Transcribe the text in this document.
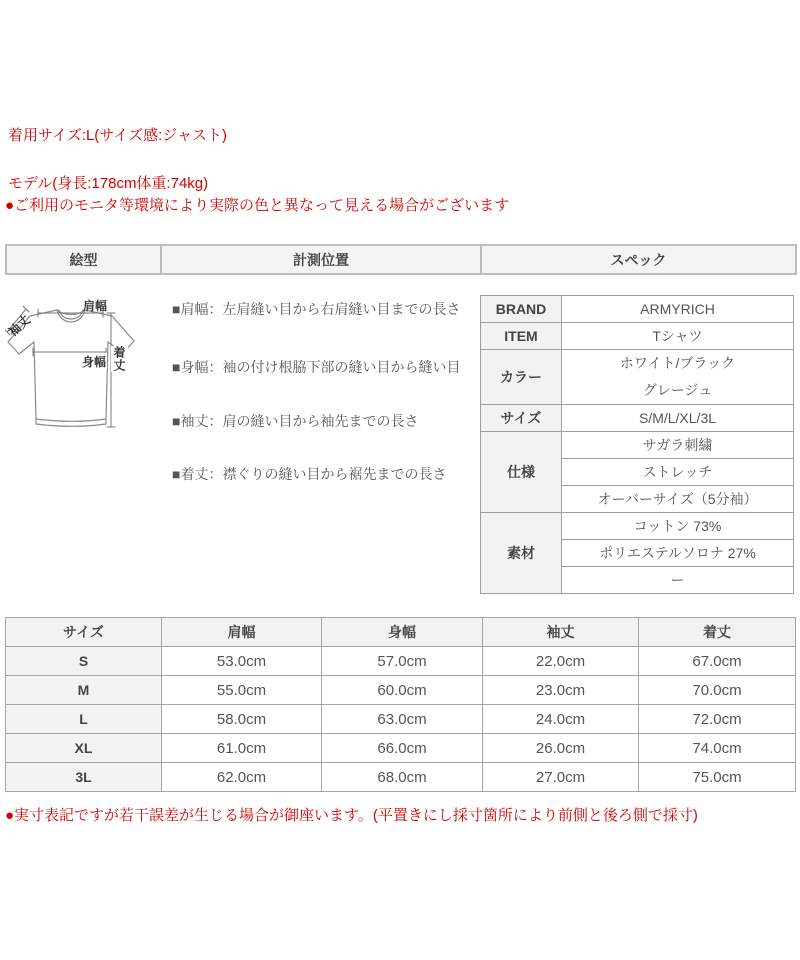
着用サイズ:L(サイズ感:ジャスト)

モデル(身長:178cm体重:74kg)
●ご利用のモニタ等環境により実際の色と異なって見える場合がございます
絵型	計測位置	スペック
肩幅
袖丈
身幅 着丈
■肩幅：左肩縫い目から右肩縫い目までの長さ
■身幅：袖の付け根脇下部の縫い目から縫い目
■袖丈：肩の縫い目から袖先までの長さ
■着丈：襟ぐりの縫い目から裾先までの長さ
BRAND	ARMYRICH
ITEM	Tシャツ
カラー	ホワイト/ブラック
グレージュ

サイズ	S/M/L/XL/3L
仕様	サガラ刺繍
	ストレッチ
	オーバーサイズ（5分袖）
素材	コットン 73%
	ポリエステルソロナ 27%
	ー
サイズ	肩幅	身幅	袖丈	着丈
S	53.0cm	57.0cm	22.0cm	67.0cm
M	55.0cm	60.0cm	23.0cm	70.0cm
L	58.0cm	63.0cm	24.0cm	72.0cm
XL	61.0cm	66.0cm	26.0cm	74.0cm
3L	62.0cm	68.0cm	27.0cm	75.0cm
●実寸表記ですが若干誤差が生じる場合が御座います。(平置きにし採寸箇所により前側と後ろ側で採寸)
